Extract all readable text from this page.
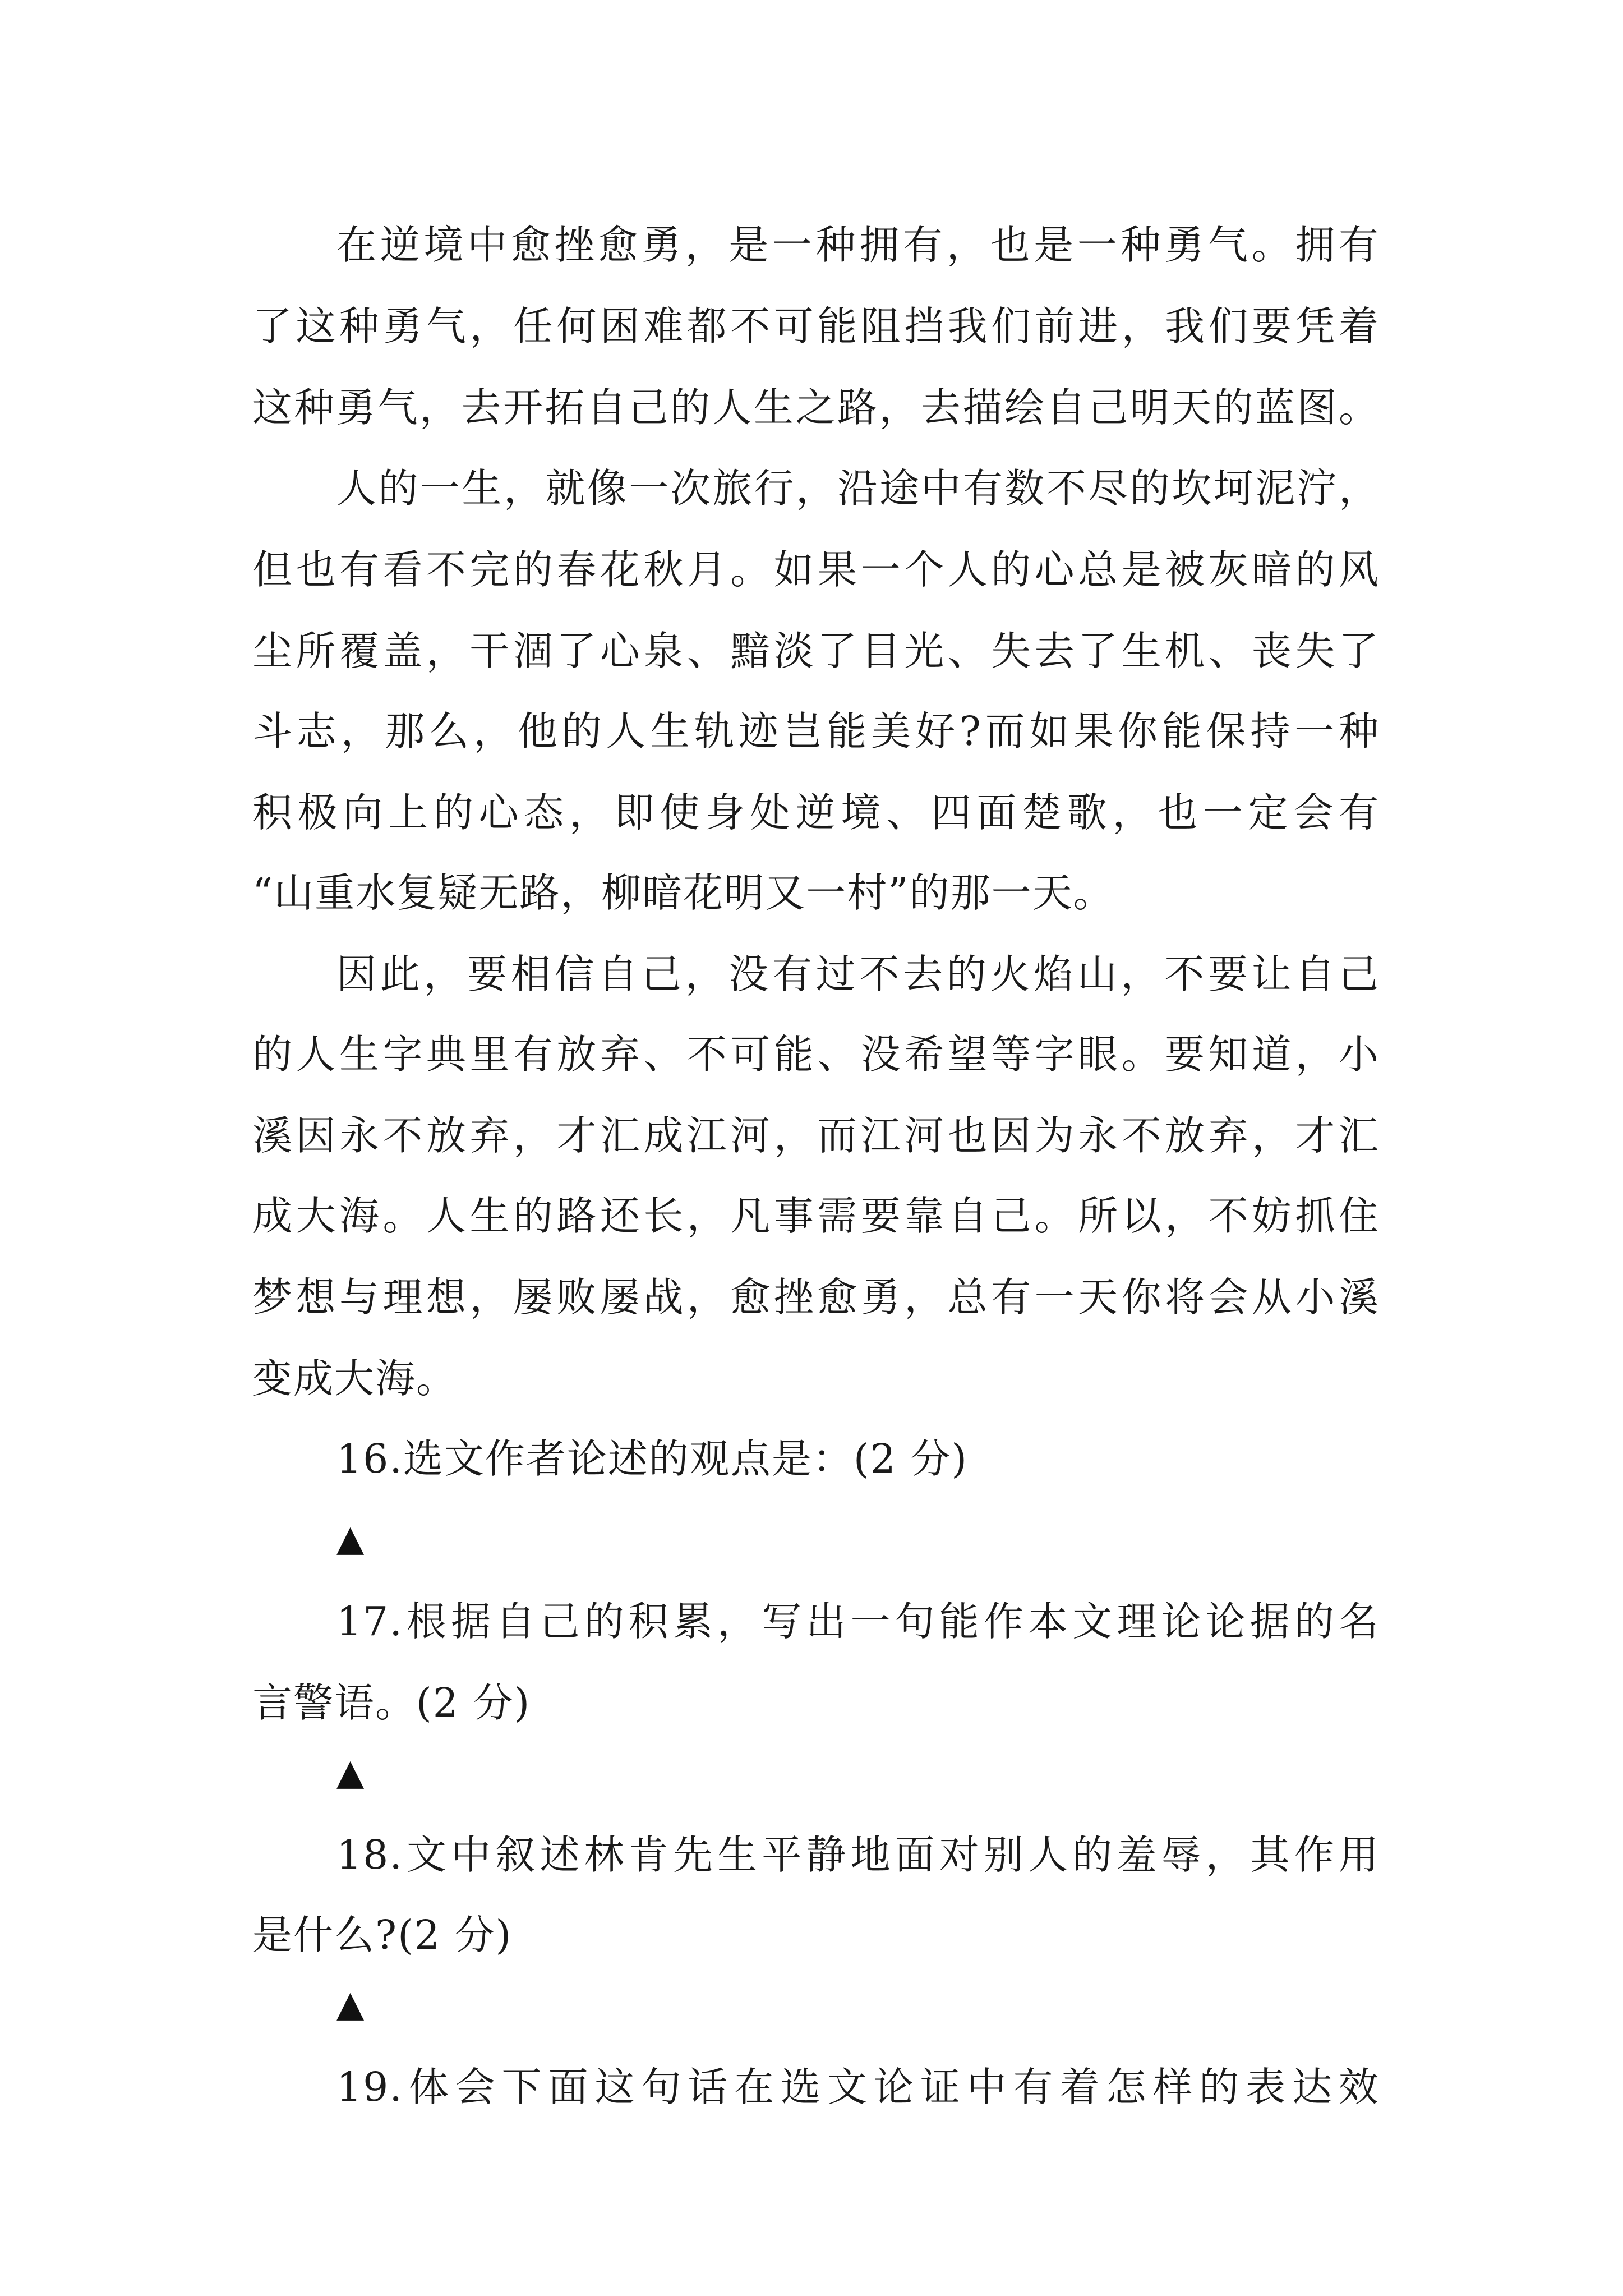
在逆境中愈挫愈勇，是一种拥有，也是一种勇气。拥有
了这种勇气，任何困难都不可能阻挡我们前进，我们要凭着
这种勇气，去开拓自己的人生之路，去描绘自己明天的蓝图。
人的一生，就像一次旅行，沿途中有数不尽的坎坷泥泞，
但也有看不完的春花秋月。如果一个人的心总是被灰暗的风
尘所覆盖，干涸了心泉、黯淡了目光、失去了生机、丧失了
斗志，那么，他的人生轨迹岂能美好?而如果你能保持一种
积极向上的心态，即使身处逆境、四面楚歌，也一定会有
“山重水复疑无路，柳暗花明又一村”的那一天。
因此，要相信自己，没有过不去的火焰山，不要让自己
的人生字典里有放弃、不可能、没希望等字眼。要知道，小
溪因永不放弃，才汇成江河，而江河也因为永不放弃，才汇
成大海。人生的路还长，凡事需要靠自己。所以，不妨抓住
梦想与理想，屡败屡战，愈挫愈勇，总有一天你将会从小溪
变成大海。
16.选文作者论述的观点是：(2 分)
▲
17.根据自己的积累，写出一句能作本文理论论据的名
言警语。(2 分)
▲
18.文中叙述林肯先生平静地面对别人的羞辱，其作用
是什么?(2 分)
▲
19.体会下面这句话在选文论证中有着怎样的表达效
